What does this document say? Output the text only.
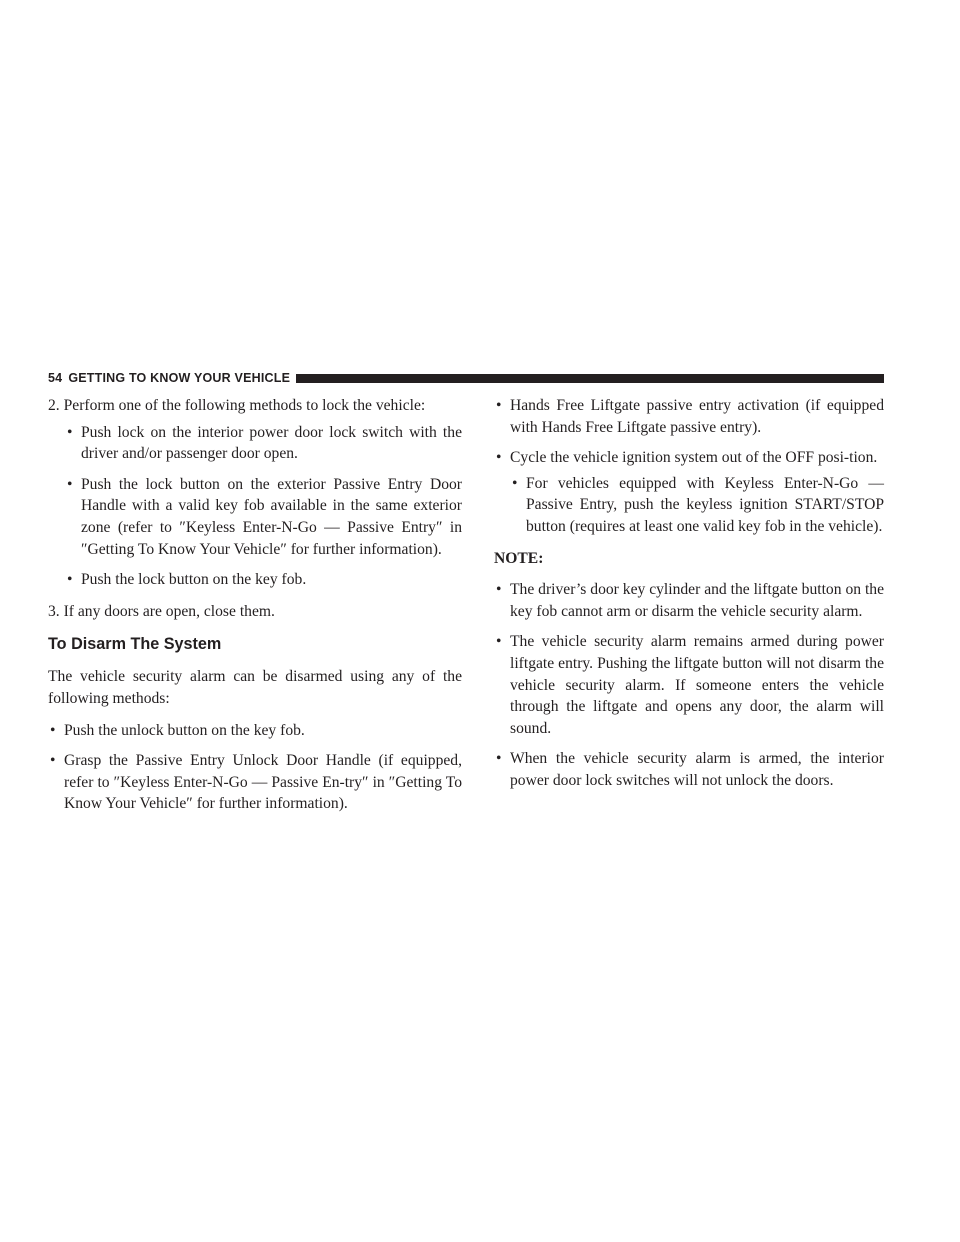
54 GETTING TO KNOW YOUR VEHICLE

2. Perform one of the following methods to lock the vehicle:

• Push lock on the interior power door lock switch with the driver and/or passenger door open.

• Push the lock button on the exterior Passive Entry Door Handle with a valid key fob available in the same exterior zone (refer to ″Keyless Enter-N-Go — Passive Entry″ in ″Getting To Know Your Vehicle″ for further information).

• Push the lock button on the key fob.

3. If any doors are open, close them.

To Disarm The System

The vehicle security alarm can be disarmed using any of the following methods:

• Push the unlock button on the key fob.

• Grasp the Passive Entry Unlock Door Handle (if equipped, refer to ″Keyless Enter-N-Go — Passive En-try″ in ″Getting To Know Your Vehicle″ for further information).

• Hands Free Liftgate passive entry activation (if equipped with Hands Free Liftgate passive entry).

• Cycle the vehicle ignition system out of the OFF posi-tion.

• For vehicles equipped with Keyless Enter-N-Go — Passive Entry, push the keyless ignition START/STOP button (requires at least one valid key fob in the vehicle).

NOTE:

• The driver’s door key cylinder and the liftgate button on the key fob cannot arm or disarm the vehicle security alarm.

• The vehicle security alarm remains armed during power liftgate entry. Pushing the liftgate button will not disarm the vehicle security alarm. If someone enters the vehicle through the liftgate and opens any door, the alarm will sound.

• When the vehicle security alarm is armed, the interior power door lock switches will not unlock the doors.
